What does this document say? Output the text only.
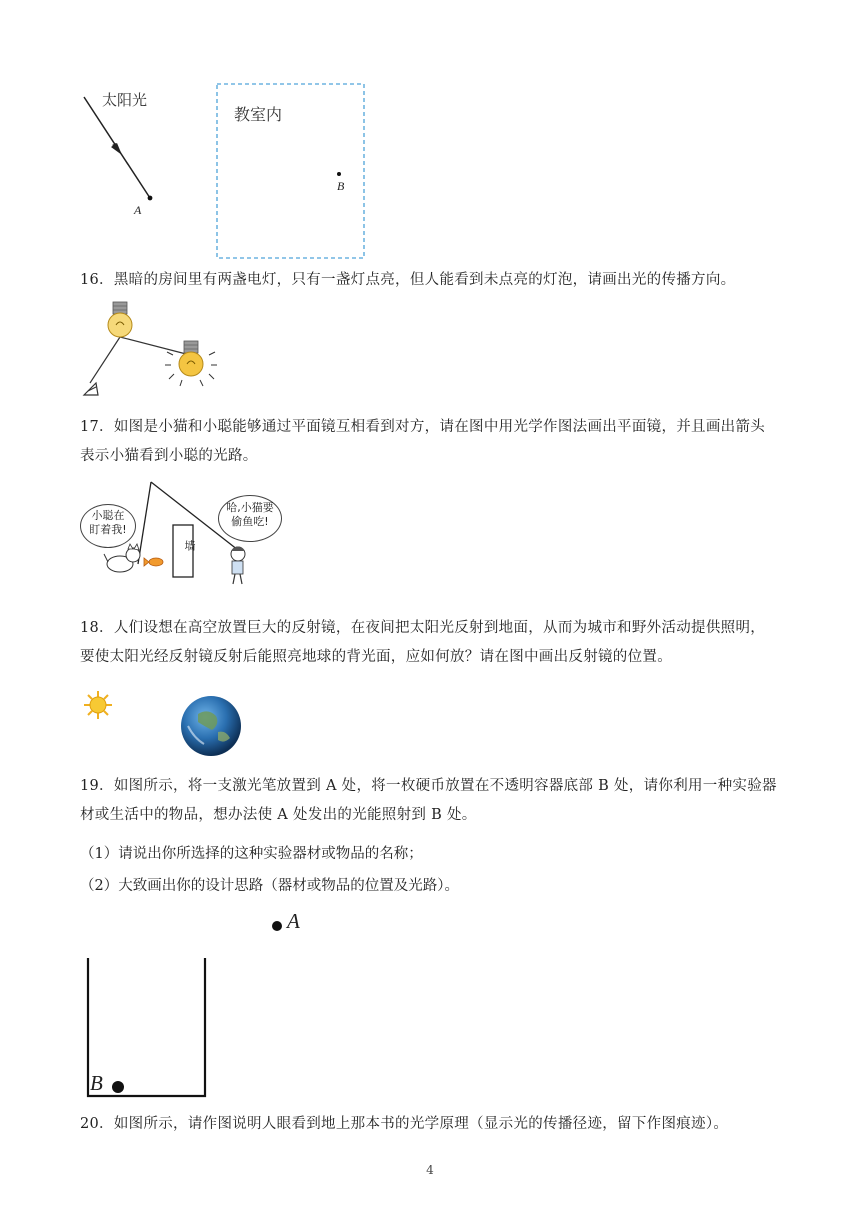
太阳光
A
教室内
B
16．黑暗的房间里有两盏电灯，只有一盏灯点亮，但人能看到未点亮的灯泡，请画出光的传播方向。
17．如图是小猫和小聪能够通过平面镜互相看到对方，请在图中用光学作图法画出平面镜，并且画出箭头
表示小猫看到小聪的光路。
墙
小聪在
盯着我!
哈,小猫要
偷鱼吃!
18．人们设想在高空放置巨大的反射镜，在夜间把太阳光反射到地面，从而为城市和野外活动提供照明，
要使太阳光经反射镜反射后能照亮地球的背光面，应如何放？请在图中画出反射镜的位置。
19．如图所示，将一支激光笔放置到 A 处，将一枚硬币放置在不透明容器底部 B 处，请你利用一种实验器
材或生活中的物品，想办法使 A 处发出的光能照射到 B 处。
（1）请说出你所选择的这种实验器材或物品的名称；
（2）大致画出你的设计思路（器材或物品的位置及光路）。
A
B
20．如图所示，请作图说明人眼看到地上那本书的光学原理（显示光的传播径迹，留下作图痕迹）。
4
